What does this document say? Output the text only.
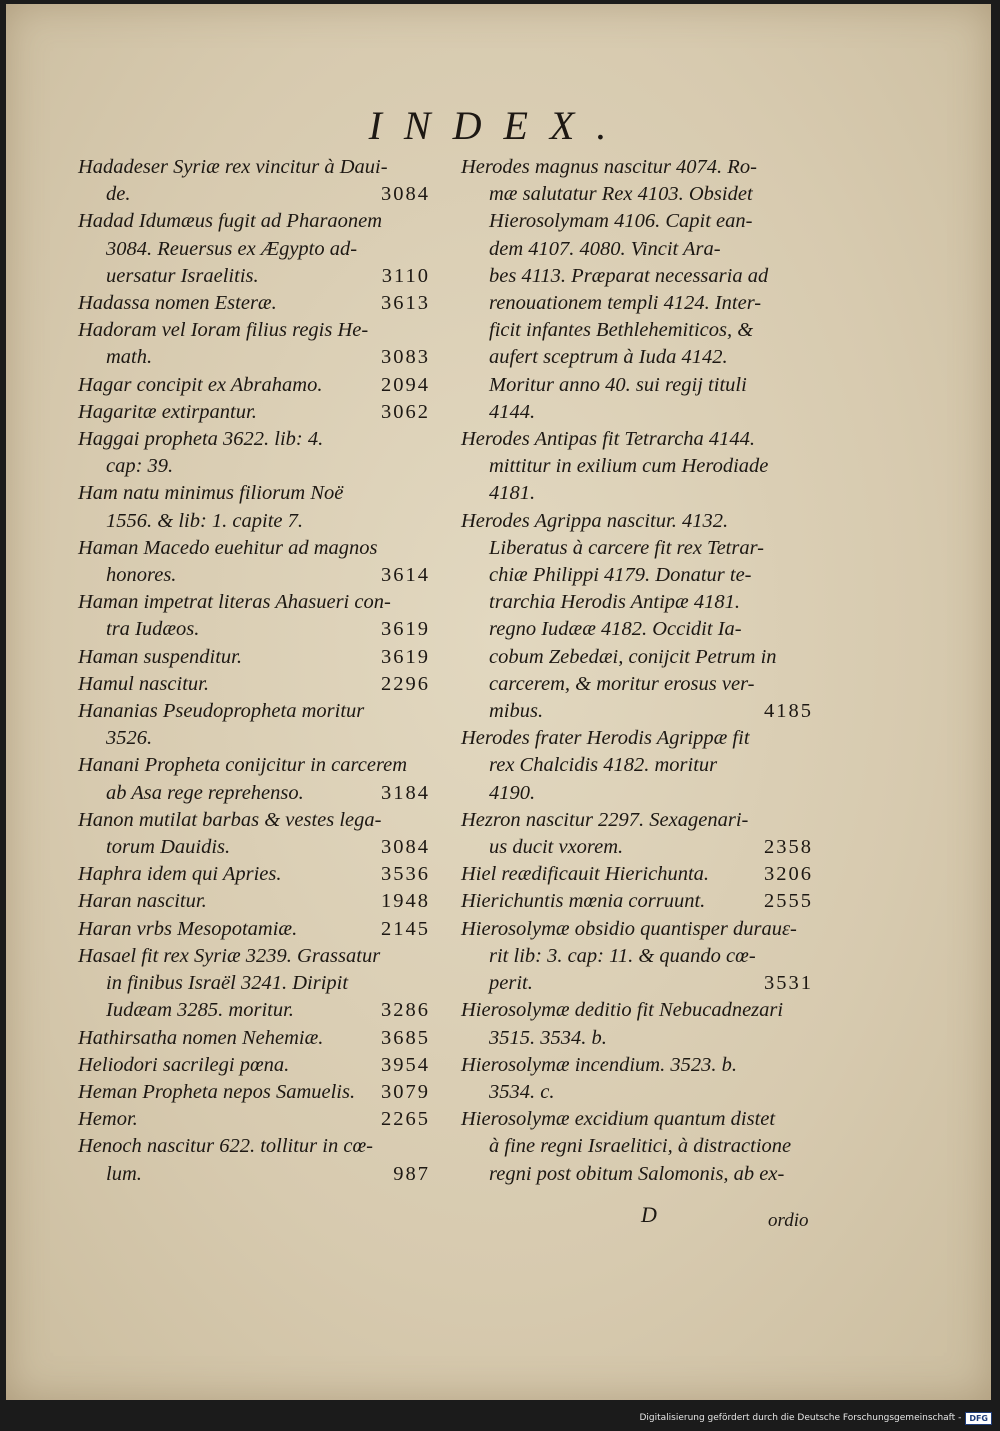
INDEX.
Hadadeser Syriæ rex vincitur à Daui-
3084
de.
Hadad Idumæus fugit ad Pharaonem
3084. Reuersus ex Ægypto ad-
3110
uersatur Israelitis.
3613
Hadassa nomen Esteræ.
Hadoram vel Ioram filius regis He-
3083
math.
2094
Hagar concipit ex Abrahamo.
3062
Hagaritæ extirpantur.
Haggai propheta 3622. lib: 4.
cap: 39.
Ham natu minimus filiorum Noë
1556. & lib: 1. capite 7.
Haman Macedo euehitur ad magnos
3614
honores.
Haman impetrat literas Ahasueri con-
3619
tra Iudæos.
3619
Haman suspenditur.
2296
Hamul nascitur.
Hananias Pseudopropheta moritur
3526.
Hanani Propheta conijcitur in carcerem
3184
ab Asa rege reprehenso.
Hanon mutilat barbas & vestes lega-
3084
torum Dauidis.
3536
Haphra idem qui Apries.
1948
Haran nascitur.
2145
Haran vrbs Mesopotamiæ.
Hasael fit rex Syriæ 3239. Grassatur
in finibus Israël 3241. Diripit
3286
Iudæam 3285. moritur.
3685
Hathirsatha nomen Nehemiæ.
3954
Heliodori sacrilegi pœna.
3079
Heman Propheta nepos Samuelis.
2265
Hemor.
Henoch nascitur 622. tollitur in cœ-
987
lum.
Herodes magnus nascitur 4074. Ro-
mæ salutatur Rex 4103. Obsidet
Hierosolymam 4106. Capit ean-
dem 4107. 4080. Vincit Ara-
bes 4113. Præparat necessaria ad
renouationem templi 4124. Inter-
ficit infantes Bethlehemiticos, &
aufert sceptrum à Iuda 4142.
Moritur anno 40. sui regij tituli
4144.
Herodes Antipas fit Tetrarcha 4144.
mittitur in exilium cum Herodiade
4181.
Herodes Agrippa nascitur. 4132.
Liberatus à carcere fit rex Tetrar-
chiæ Philippi 4179. Donatur te-
trarchia Herodis Antipæ 4181.
regno Iudææ 4182. Occidit Ia-
cobum Zebedæi, conijcit Petrum in
carcerem, & moritur erosus ver-
4185
mibus.
Herodes frater Herodis Agrippæ fit
rex Chalcidis 4182. moritur
4190.
Hezron nascitur 2297. Sexagenari-
2358
us ducit vxorem.
3206
Hiel reædificauit Hierichunta.
2555
Hierichuntis mœnia corruunt.
Hierosolymæ obsidio quantisper durauε-
rit lib: 3. cap: 11. & quando cœ-
3531
perit.
Hierosolymæ deditio fit Nebucadnezari
3515. 3534. b.
Hierosolymæ incendium. 3523. b.
3534. c.
Hierosolymæ excidium quantum distet
à fine regni Israelitici, à distractione
regni post obitum Salomonis, ab ex-
D	ordio
Digitalisierung gefördert durch die Deutsche Forschungsgemeinschaft -	DFG
